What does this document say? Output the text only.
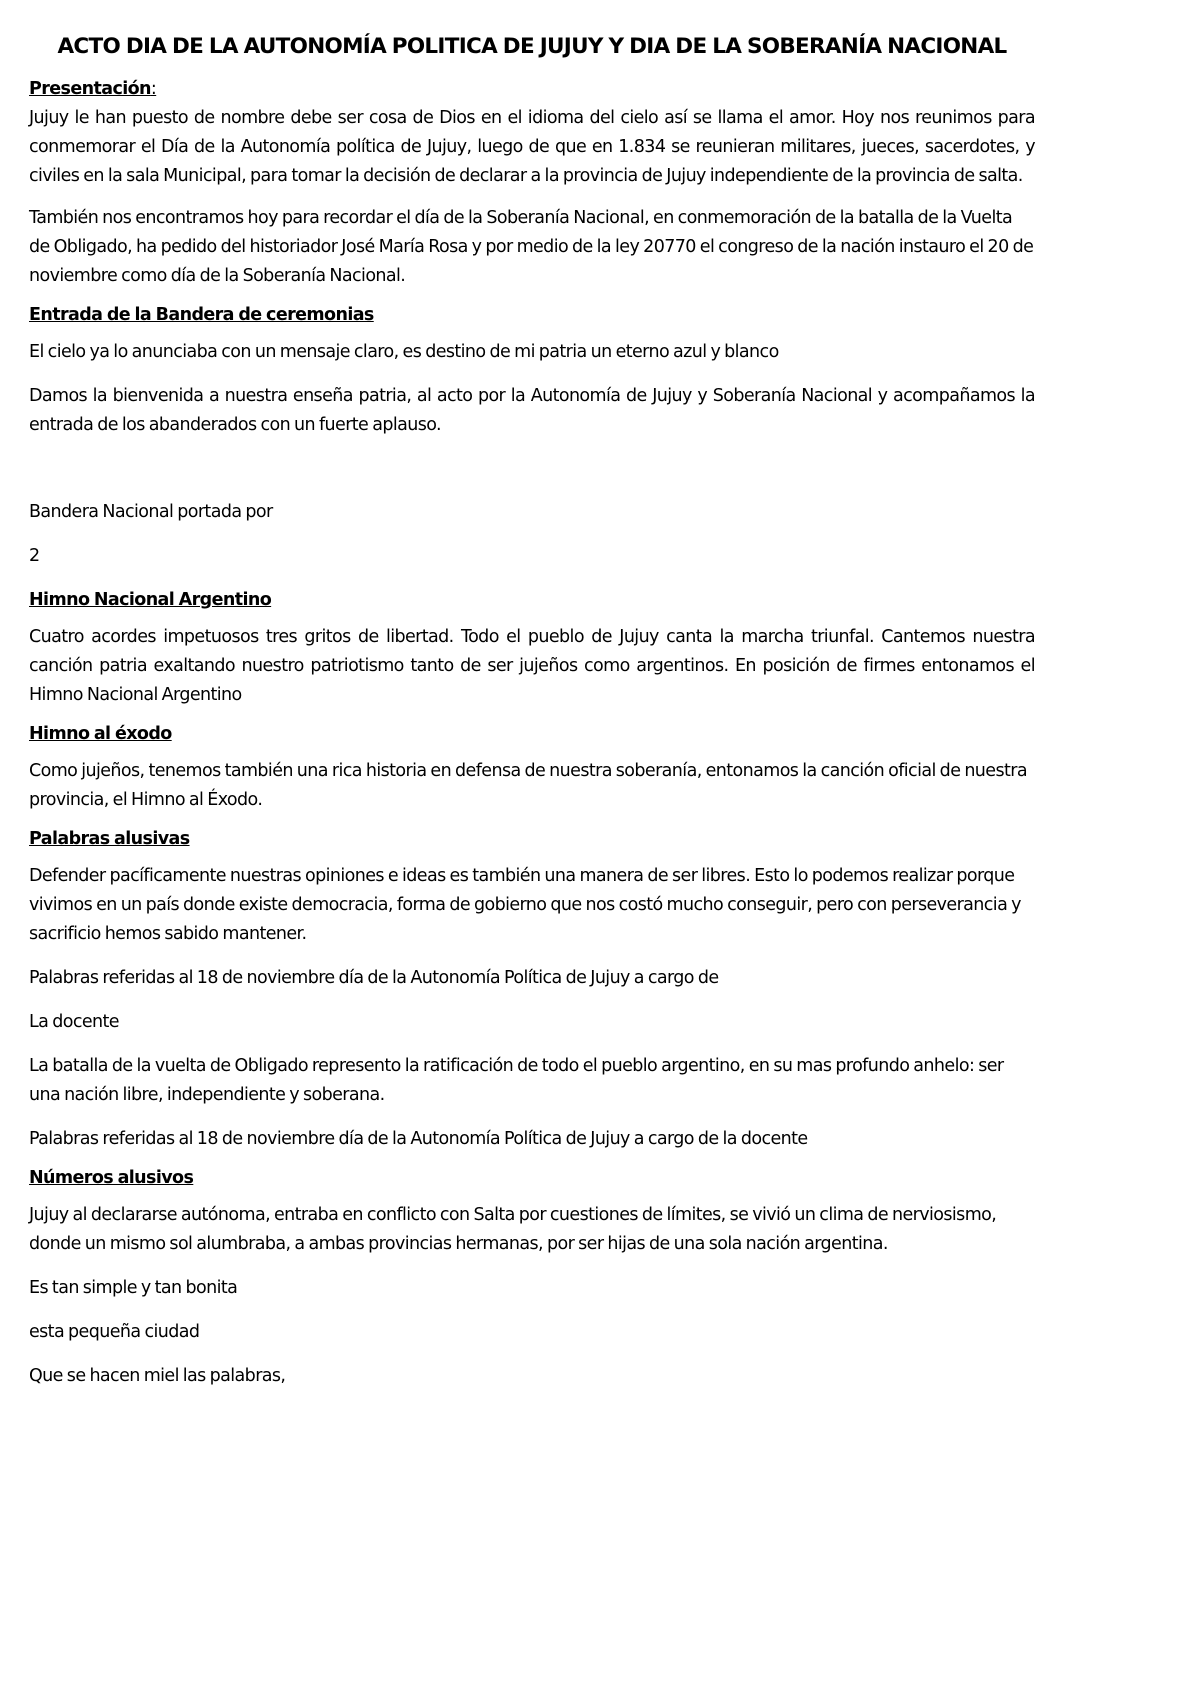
ACTO DIA DE LA AUTONOMÍA POLITICA DE JUJUY Y DIA DE LA SOBERANÍA NACIONAL
Presentación:

Jujuy le han puesto de nombre debe ser cosa de Dios en el idioma del cielo así se llama el amor. Hoy nos reunimos para conmemorar el Día de la Autonomía política de Jujuy, luego de que en 1.834 se reunieran militares, jueces, sacerdotes, y civiles en la sala Municipal, para tomar la decisión de declarar a la provincia de Jujuy independiente de la provincia de salta.

También nos encontramos hoy para recordar el día de la Soberanía Nacional, en conmemoración de la batalla de la Vuelta de Obligado, ha pedido del historiador José María Rosa y por medio de la ley 20770 el congreso de la nación instauro el 20 de noviembre como día de la Soberanía Nacional.

Entrada de la Bandera de ceremonias

El cielo ya lo anunciaba con un mensaje claro, es destino de mi patria un eterno azul y blanco

Damos la bienvenida a nuestra enseña patria, al acto por la Autonomía de Jujuy y Soberanía Nacional y acompañamos la entrada de los abanderados con un fuerte aplauso.

Bandera Nacional portada por

2

Himno Nacional Argentino

Cuatro acordes impetuosos tres gritos de libertad. Todo el pueblo de Jujuy canta la marcha triunfal. Cantemos nuestra canción patria exaltando nuestro patriotismo tanto de ser jujeños como argentinos. En posición de firmes entonamos el Himno Nacional Argentino

Himno al éxodo

Como jujeños, tenemos también una rica historia en defensa de nuestra soberanía, entonamos la canción oficial de nuestra provincia, el Himno al Éxodo.

Palabras alusivas

Defender pacíficamente nuestras opiniones e ideas es también una manera de ser libres. Esto lo podemos realizar porque vivimos en un país donde existe democracia, forma de gobierno que nos costó mucho conseguir, pero con perseverancia y sacrificio hemos sabido mantener.

Palabras referidas al 18 de noviembre día de la Autonomía Política de Jujuy a cargo de

La docente

La batalla de la vuelta de Obligado represento la ratificación de todo el pueblo argentino, en su mas profundo anhelo: ser una nación libre, independiente y soberana.

Palabras referidas al 18 de noviembre día de la Autonomía Política de Jujuy a cargo de la docente

Números alusivos

Jujuy al declararse autónoma, entraba en conflicto con Salta por cuestiones de límites, se vivió un clima de nerviosismo, donde un mismo sol alumbraba, a ambas provincias hermanas, por ser hijas de una sola nación argentina.

Es tan simple y tan bonita

esta pequeña ciudad

Que se hacen miel las palabras,
